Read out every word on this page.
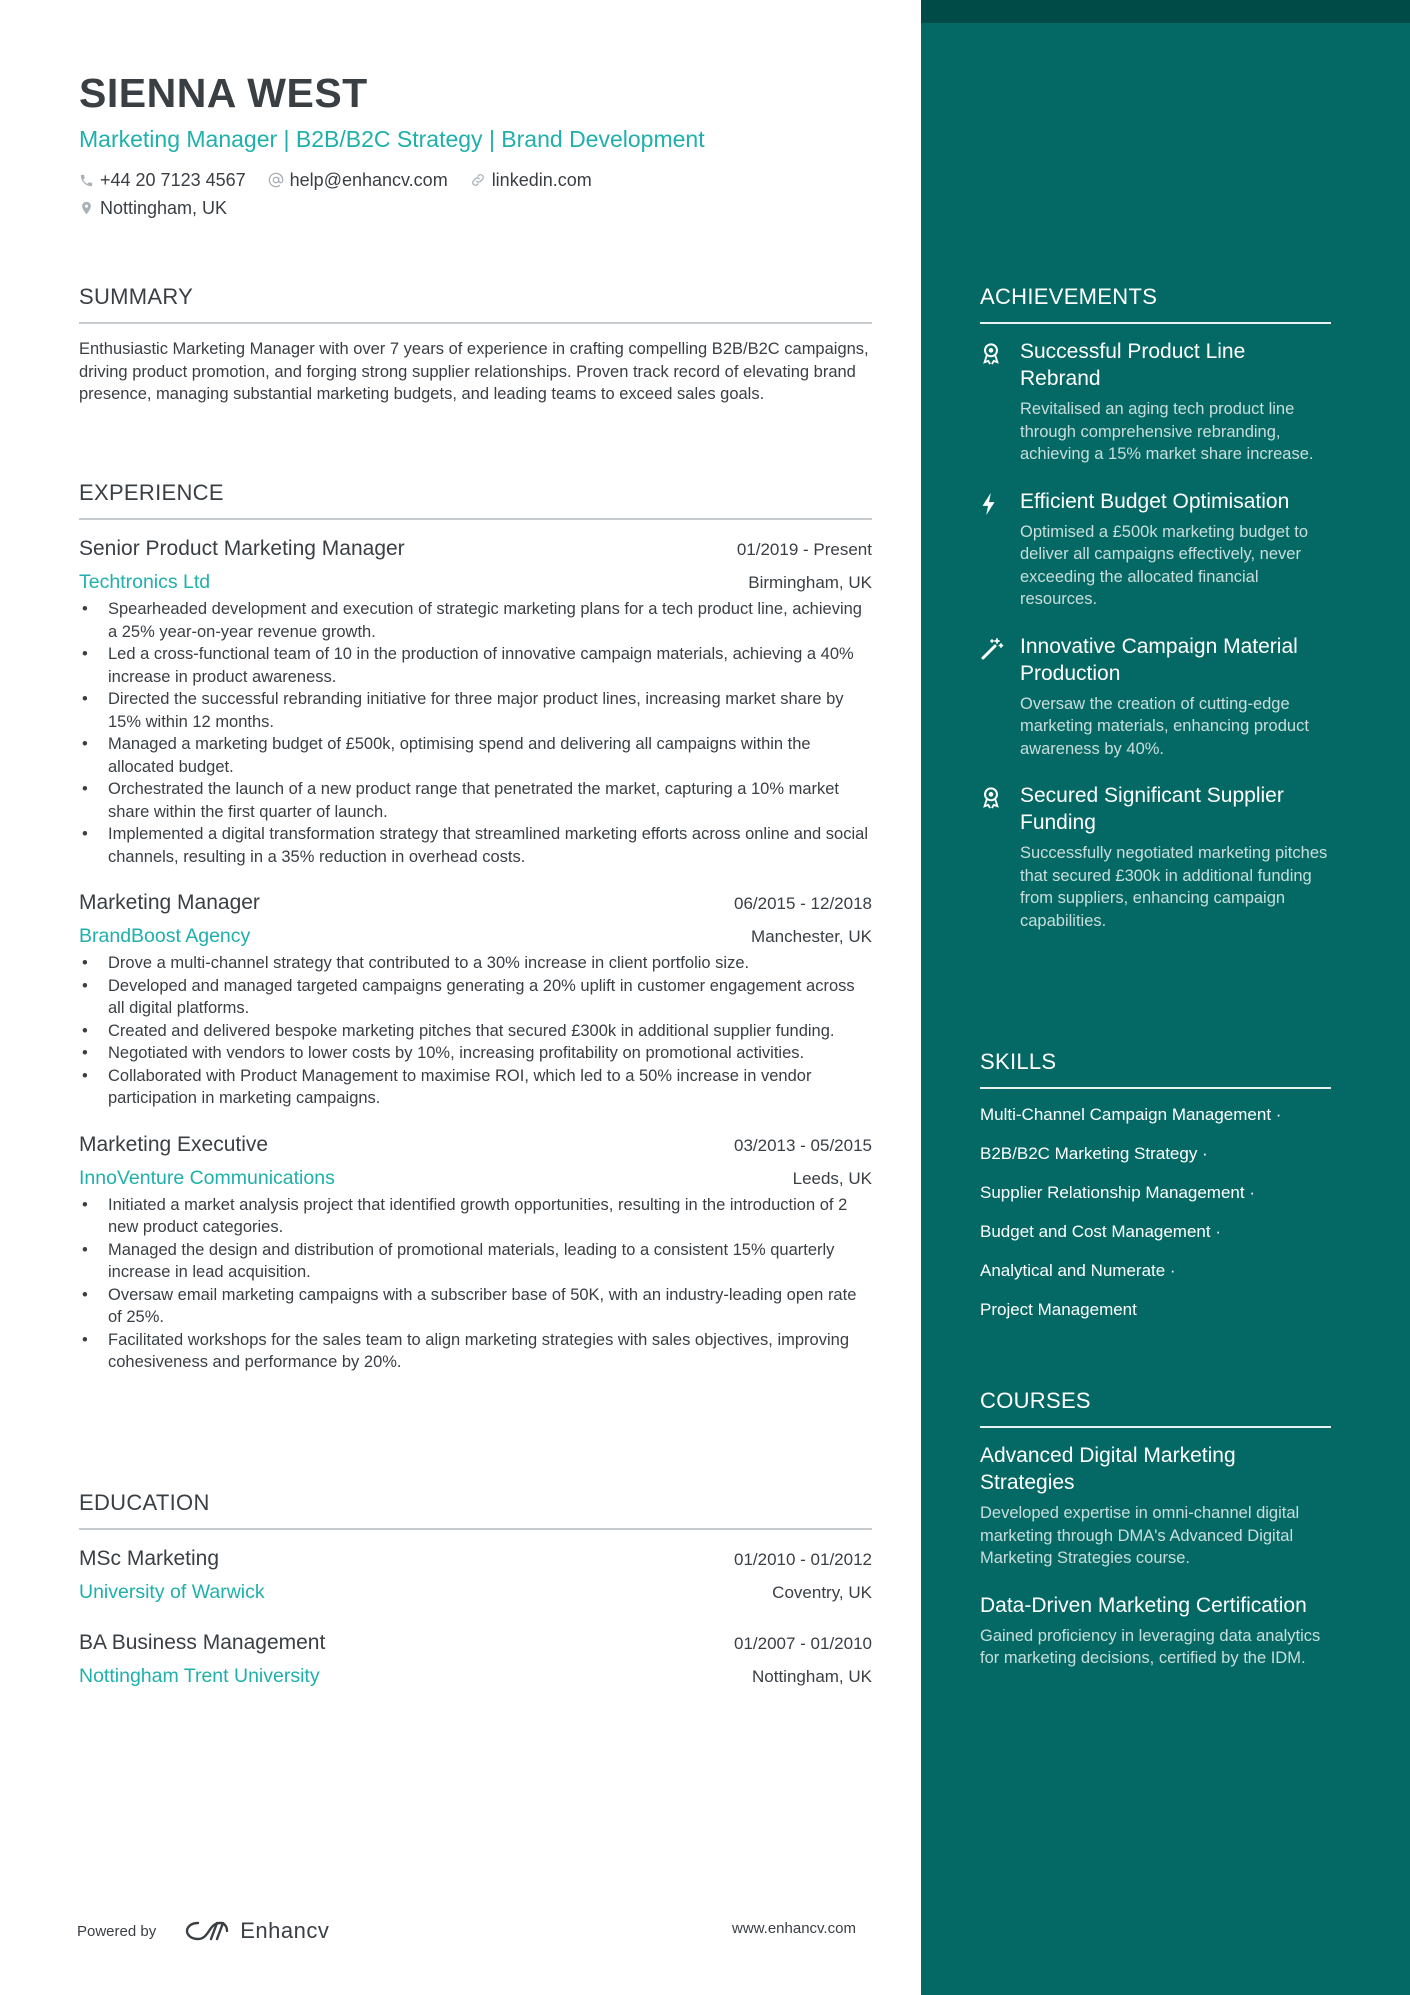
SIENNA WEST
Marketing Manager | B2B/B2C Strategy | Brand Development
+44 20 7123 4567 help@enhancv.com linkedin.com
Nottingham, UK
SUMMARY
Enthusiastic Marketing Manager with over 7 years of experience in crafting compelling B2B/B2C campaigns, driving product promotion, and forging strong supplier relationships. Proven track record of elevating brand presence, managing substantial marketing budgets, and leading teams to exceed sales goals.
EXPERIENCE
Senior Product Marketing Manager	01/2019 - Present
Techtronics Ltd	Birmingham, UK
• Spearheaded development and execution of strategic marketing plans for a tech product line, achieving a 25% year-on-year revenue growth.
• Led a cross-functional team of 10 in the production of innovative campaign materials, achieving a 40% increase in product awareness.
• Directed the successful rebranding initiative for three major product lines, increasing market share by 15% within 12 months.
• Managed a marketing budget of £500k, optimising spend and delivering all campaigns within the allocated budget.
• Orchestrated the launch of a new product range that penetrated the market, capturing a 10% market share within the first quarter of launch.
• Implemented a digital transformation strategy that streamlined marketing efforts across online and social channels, resulting in a 35% reduction in overhead costs.
Marketing Manager	06/2015 - 12/2018
BrandBoost Agency	Manchester, UK
• Drove a multi-channel strategy that contributed to a 30% increase in client portfolio size.
• Developed and managed targeted campaigns generating a 20% uplift in customer engagement across all digital platforms.
• Created and delivered bespoke marketing pitches that secured £300k in additional supplier funding.
• Negotiated with vendors to lower costs by 10%, increasing profitability on promotional activities.
• Collaborated with Product Management to maximise ROI, which led to a 50% increase in vendor participation in marketing campaigns.
Marketing Executive	03/2013 - 05/2015
InnoVenture Communications	Leeds, UK
• Initiated a market analysis project that identified growth opportunities, resulting in the introduction of 2 new product categories.
• Managed the design and distribution of promotional materials, leading to a consistent 15% quarterly increase in lead acquisition.
• Oversaw email marketing campaigns with a subscriber base of 50K, with an industry-leading open rate of 25%.
• Facilitated workshops for the sales team to align marketing strategies with sales objectives, improving cohesiveness and performance by 20%.
EDUCATION
MSc Marketing	01/2010 - 01/2012
University of Warwick	Coventry, UK
BA Business Management	01/2007 - 01/2010
Nottingham Trent University	Nottingham, UK
ACHIEVEMENTS
Successful Product Line Rebrand
Revitalised an aging tech product line through comprehensive rebranding, achieving a 15% market share increase.
Efficient Budget Optimisation
Optimised a £500k marketing budget to deliver all campaigns effectively, never exceeding the allocated financial resources.
Innovative Campaign Material Production
Oversaw the creation of cutting-edge marketing materials, enhancing product awareness by 40%.
Secured Significant Supplier Funding
Successfully negotiated marketing pitches that secured £300k in additional funding from suppliers, enhancing campaign capabilities.
SKILLS
Multi-Channel Campaign Management ·
B2B/B2C Marketing Strategy ·
Supplier Relationship Management ·
Budget and Cost Management ·
Analytical and Numerate ·
Project Management
COURSES
Advanced Digital Marketing Strategies
Developed expertise in omni-channel digital marketing through DMA's Advanced Digital Marketing Strategies course.
Data-Driven Marketing Certification
Gained proficiency in leveraging data analytics for marketing decisions, certified by the IDM.
Powered by	Enhancv	www.enhancv.com
